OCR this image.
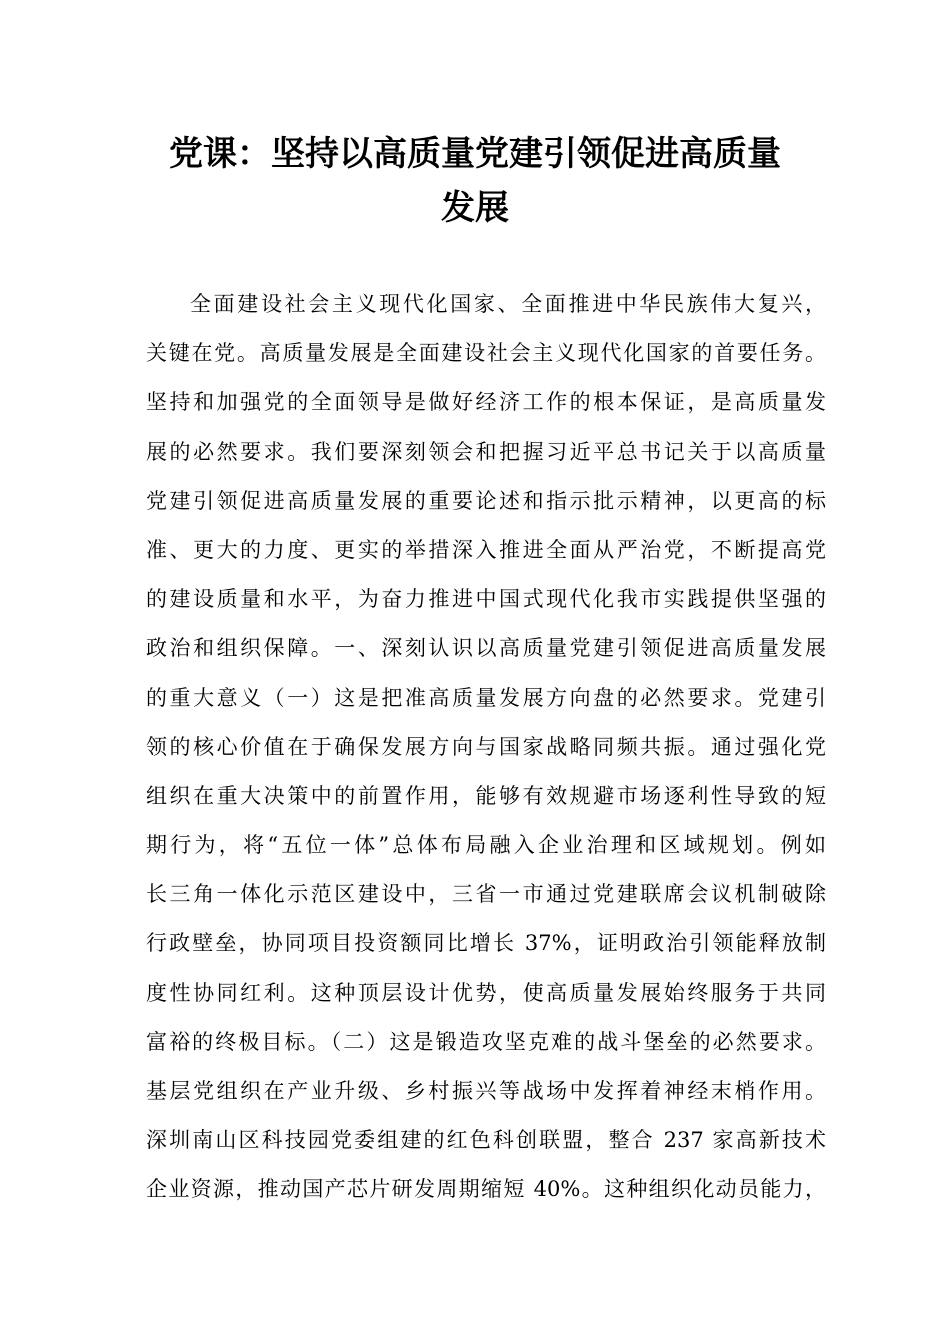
党课：坚持以高质量党建引领促进高质量
发展
全面建设社会主义现代化国家、全面推进中华民族伟大复兴，
关键在党。高质量发展是全面建设社会主义现代化国家的首要任务。
坚持和加强党的全面领导是做好经济工作的根本保证，是高质量发
展的必然要求。我们要深刻领会和把握习近平总书记关于以高质量
党建引领促进高质量发展的重要论述和指示批示精神，以更高的标
准、更大的力度、更实的举措深入推进全面从严治党，不断提高党
的建设质量和水平，为奋力推进中国式现代化我市实践提供坚强的
政治和组织保障。一、深刻认识以高质量党建引领促进高质量发展
的重大意义（一）这是把准高质量发展方向盘的必然要求。党建引
领的核心价值在于确保发展方向与国家战略同频共振。通过强化党
组织在重大决策中的前置作用，能够有效规避市场逐利性导致的短
期行为，将“五位一体”总体布局融入企业治理和区域规划。例如
长三角一体化示范区建设中，三省一市通过党建联席会议机制破除
行政壁垒，协同项目投资额同比增长 37%，证明政治引领能释放制
度性协同红利。这种顶层设计优势，使高质量发展始终服务于共同
富裕的终极目标。（二）这是锻造攻坚克难的战斗堡垒的必然要求。
基层党组织在产业升级、乡村振兴等战场中发挥着神经末梢作用。
深圳南山区科技园党委组建的红色科创联盟，整合 237 家高新技术
企业资源，推动国产芯片研发周期缩短 40%。这种组织化动员能力，
